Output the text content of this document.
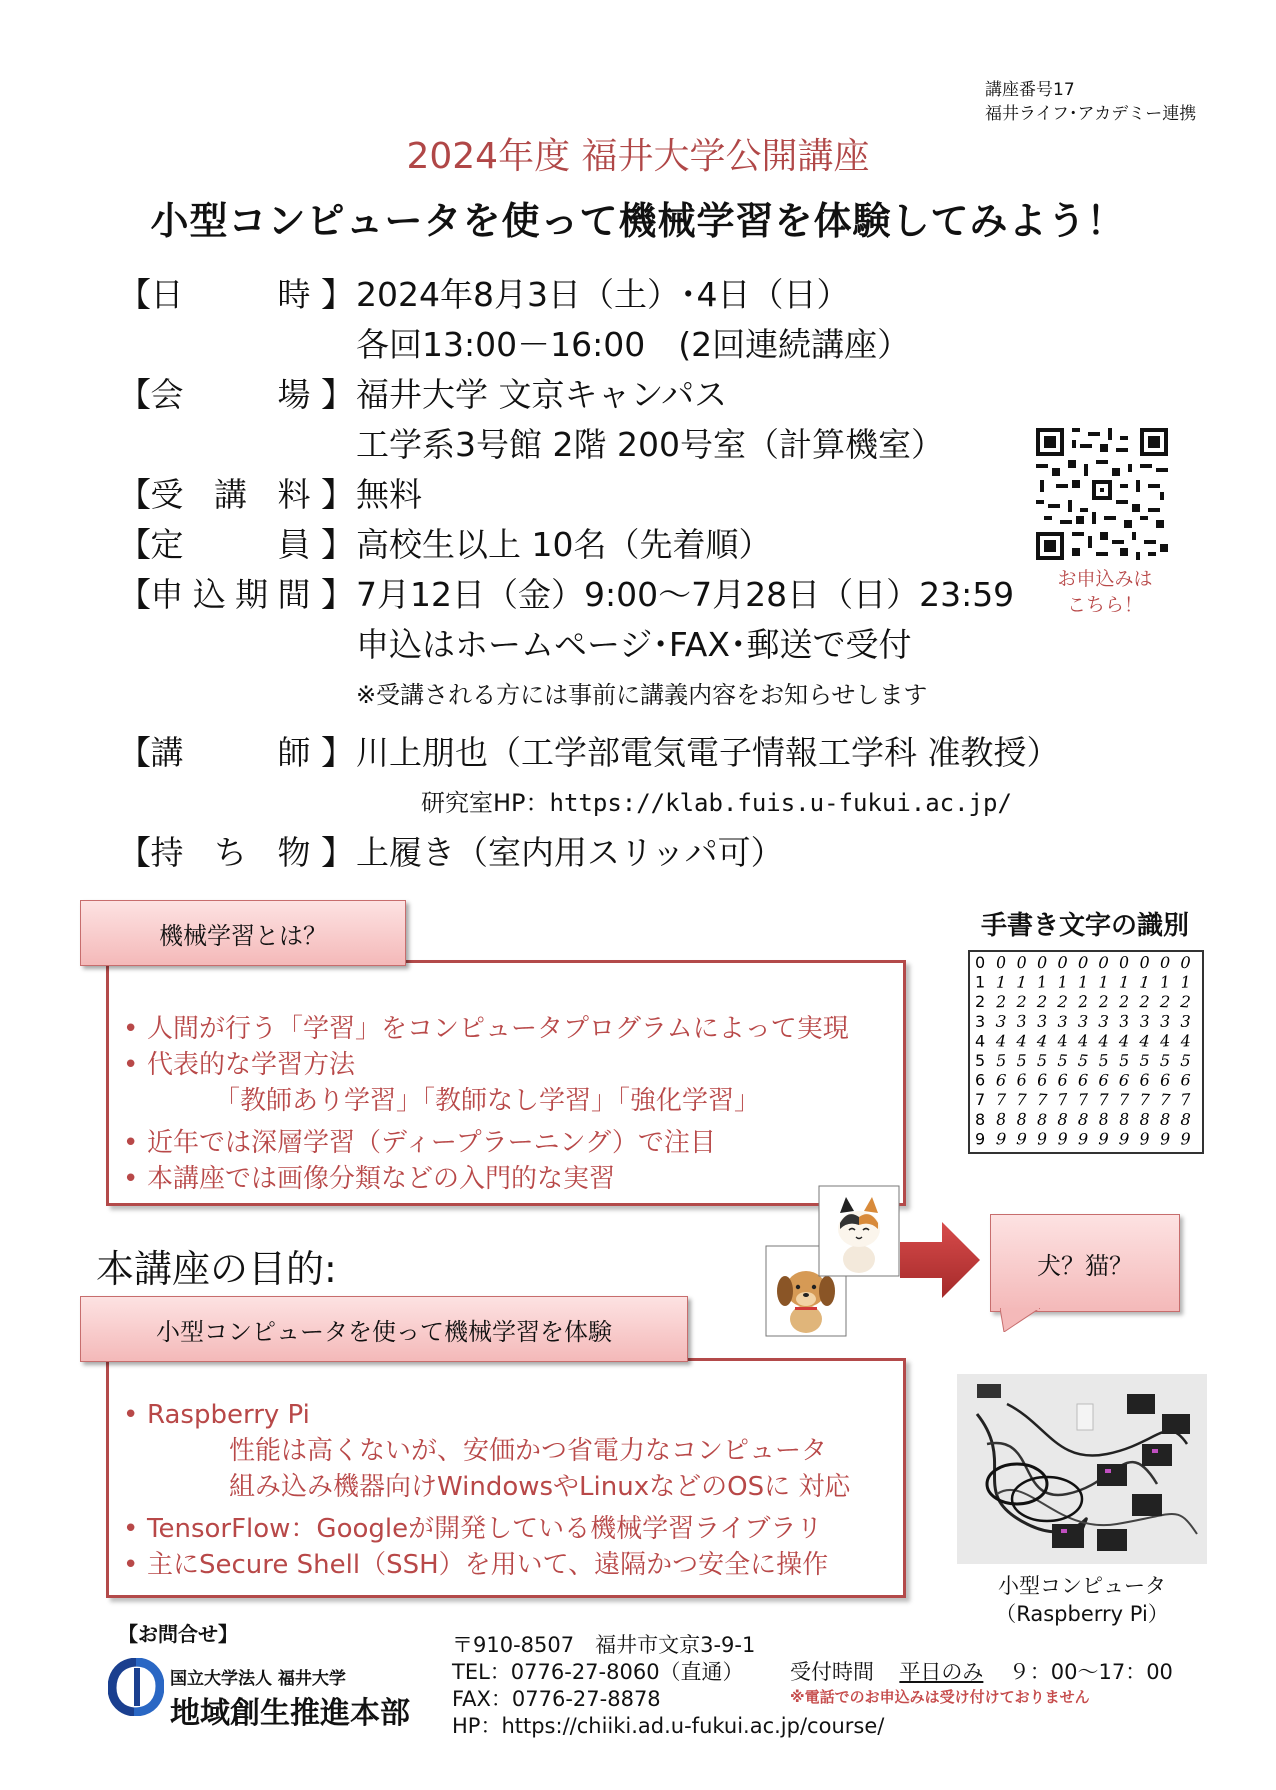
講座番号17
福井ライフ･アカデミー連携
2024年度 福井大学公開講座
小型コンピュータを使って機械学習を体験してみよう！
【 日　　時 】 2024年8月3日（土）･4日（日）
各回13:00－16:00　(2回連続講座）
【 会　　場 】 福井大学 文京キャンパス
工学系3号館 2階 200号室（計算機室）
【 受 講 料 】 無料
【 定　　員 】 高校生以上 10名（先着順）
【 申込期間 】 7月12日（金）9:00～7月28日（日）23:59
申込はホームページ･FAX･郵送で受付
※受講される方には事前に講義内容をお知らせします
【 講　　師 】 川上朋也（工学部電気電子情報工学科 准教授）
研究室HP：https://klab.fuis.u-fukui.ac.jp/
【 持 ち 物 】 上履き（室内用スリッパ可）
お申込みは
こちら！
• 人間が行う「学習」をコンピュータプログラムによって実現
• 代表的な学習方法
「教師あり学習」「教師なし学習」「強化学習」
• 近年では深層学習（ディープラーニング）で注目
• 本講座では画像分類などの入門的な実習
機械学習とは？	手書き文字の識別
0 0 0 0 0 0 0 0 0 0 0
1 1 1 1 1 1 1 1 1 1 1
2 2 2 2 2 2 2 2 2 2 2
3 3 3 3 3 3 3 3 3 3 3
4 4 4 4 4 4 4 4 4 4 4
5 5 5 5 5 5 5 5 5 5 5
6 6 6 6 6 6 6 6 6 6 6
7 7 7 7 7 7 7 7 7 7 7
8 8 8 8 8 8 8 8 8 8 8
9 9 9 9 9 9 9 9 9 9 9
本講座の目的:	犬？猫？
• Raspberry Pi
性能は高くないが、安価かつ省電力なコンピュータ
組み込み機器向けWindowsやLinuxなどのOSに 対応
• TensorFlow：Googleが開発している機械学習ライブラリ
• 主にSecure Shell（SSH）を用いて、遠隔かつ安全に操作
小型コンピュータを使って機械学習を体験
小型コンピュータ
（Raspberry Pi）
【お問合せ】
国立大学法人 福井大学
地域創生推進本部
〒910-8507　福井市文京3-9-1
TEL：0776-27-8060（直通）
FAX：0776-27-8878
HP：https://chiiki.ad.u-fukui.ac.jp/course/
受付時間 平日のみ ９：00～17：00
※電話でのお申込みは受け付けておりません
